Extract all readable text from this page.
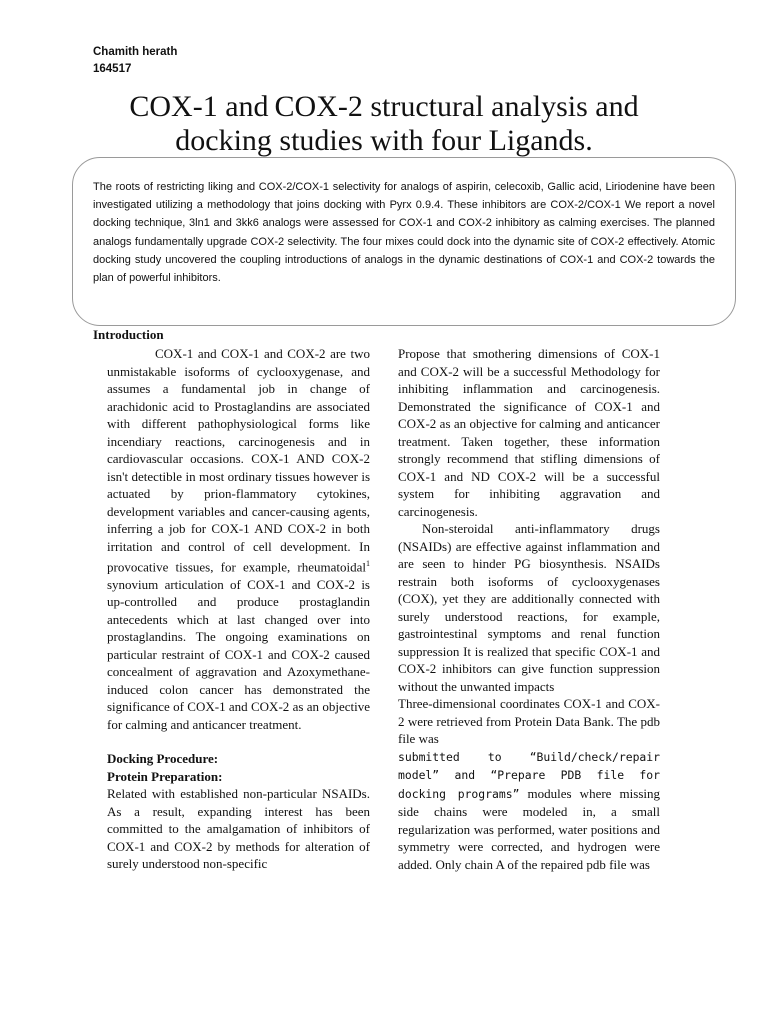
Chamith herath
164517
COX-1 and COX-2 structural analysis and
docking studies with four Ligands.

The roots of restricting liking and COX-2/COX-1 selectivity for analogs of aspirin, celecoxib, Gallic acid, Liriodenine have been investigated utilizing a methodology that joins docking with Pyrx 0.9.4. These inhibitors are COX-2/COX-1 We report a novel docking technique, 3ln1 and 3kk6 analogs were assessed for COX-1 and COX-2 inhibitory as calming exercises. The planned analogs fundamentally upgrade COX-2 selectivity. The four mixes could dock into the dynamic site of COX-2 effectively. Atomic docking study uncovered the coupling introductions of analogs in the dynamic destinations of COX-1 and COX-2 towards the plan of powerful inhibitors.

Introduction

COX-1 and COX-1 and COX-2 are two unmistakable isoforms of cyclooxygenase, and assumes a fundamental job in change of arachidonic acid to Prostaglandins are associated with different pathophysiological forms like incendiary reactions, carcinogenesis and in cardiovascular occasions. COX-1 AND COX-2 isn't detectible in most ordinary tissues however is actuated by prion-flammatory cytokines, development variables and cancer-causing agents, inferring a job for COX-1 AND COX-2 in both irritation and control of cell development. In provocative tissues, for example, rheumatoidal$^1$ synovium articulation of COX-1 and COX-2 is up-controlled and produce prostaglandin antecedents which at last changed over into prostaglandins. The ongoing examinations on particular restraint of COX-1 and COX-2 caused concealment of aggravation and Azoxymethane-induced colon cancer has demonstrated the significance of COX-1 and COX-2 as an objective for calming and anticancer treatment.

Docking Procedure:

Protein Preparation:

Related with established non-particular NSAIDs. As a result, expanding interest has been committed to the amalgamation of inhibitors of COX-1 and COX-2 by methods for alteration of surely understood non-specific

Propose that smothering dimensions of COX-1 and COX-2 will be a successful Methodology for inhibiting inflammation and carcinogenesis. Demonstrated the significance of COX-1 and COX-2 as an objective for calming and anticancer treatment. Taken together, these information strongly recommend that stifling dimensions of COX-1 and ND COX-2 will be a successful system for inhibiting aggravation and carcinogenesis.

Non-steroidal anti-inflammatory drugs (NSAIDs) are effective against inflammation and are seen to hinder PG biosynthesis. NSAIDs restrain both isoforms of cyclooxygenases (COX), yet they are additionally connected with surely understood reactions, for example, gastrointestinal symptoms and renal function suppression It is realized that specific COX-1 and COX-2 inhibitors can give function suppression without the unwanted impacts

Three-dimensional coordinates COX-1 and COX-2 were retrieved from Protein Data Bank. The pdb file was

submitted to “Build/check/repair model” and “Prepare PDB file for docking programs” modules where missing side chains were modeled in, a small regularization was performed, water positions and symmetry were corrected, and hydrogen were added. Only chain A of the repaired pdb file was
